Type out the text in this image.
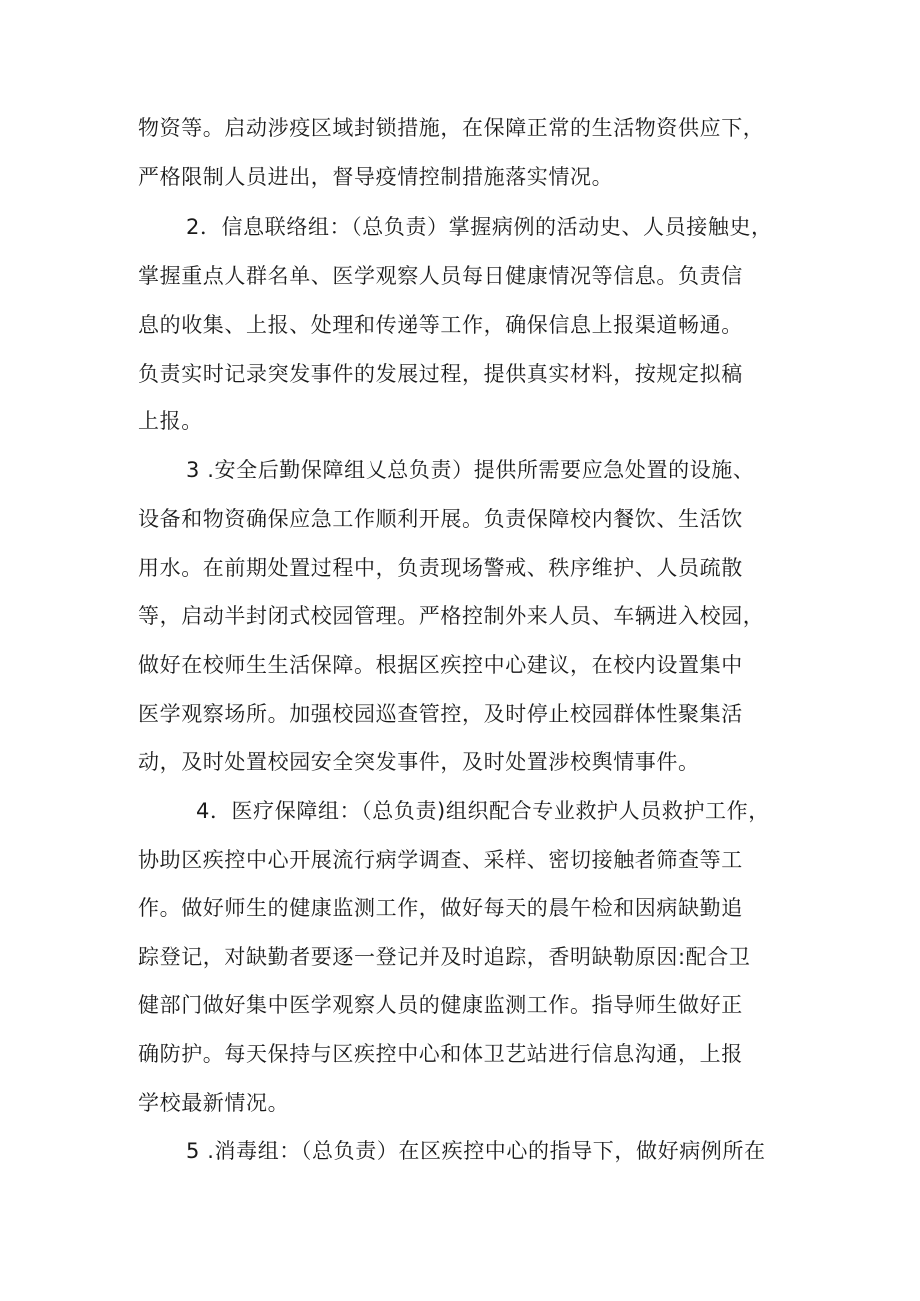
物资等。启动涉疫区域封锁措施，在保障正常的生活物资供应下，
严格限制人员进出，督导疫情控制措施落实情况。
2．信息联络组：（总负责）掌握病例的活动史、人员接触史，
掌握重点人群名单、医学观察人员每日健康情况等信息。负责信
息的收集、上报、处理和传递等工作，确保信息上报渠道畅通。
负责实时记录突发事件的发展过程，提供真实材料，按规定拟稿
上报。
3 .安全后勤保障组乂总负责）提供所需要应急处置的设施、
设备和物资确保应急工作顺利开展。负责保障校内餐饮、生活饮
用水。在前期处置过程中，负责现场警戒、秩序维护、人员疏散
等，启动半封闭式校园管理。严格控制外来人员、车辆进入校园，
做好在校师生生活保障。根据区疾控中心建议，在校内设置集中
医学观察场所。加强校园巡查管控，及时停止校园群体性聚集活
动，及时处置校园安全突发事件，及时处置涉校舆情事件。
4．医疗保障组：（总负责)组织配合专业救护人员救护工作，
协助区疾控中心开展流行病学调查、采样、密切接触者筛查等工
作。做好师生的健康监测工作，做好每天的晨午检和因病缺勤追
踪登记，对缺勤者要逐一登记并及时追踪，香明缺勒原因:配合卫
健部门做好集中医学观察人员的健康监测工作。指导师生做好正
确防护。每天保持与区疾控中心和体卫艺站进行信息沟通，上报
学校最新情况。
5 .消毒组：（总负责）在区疾控中心的指导下，做好病例所在
